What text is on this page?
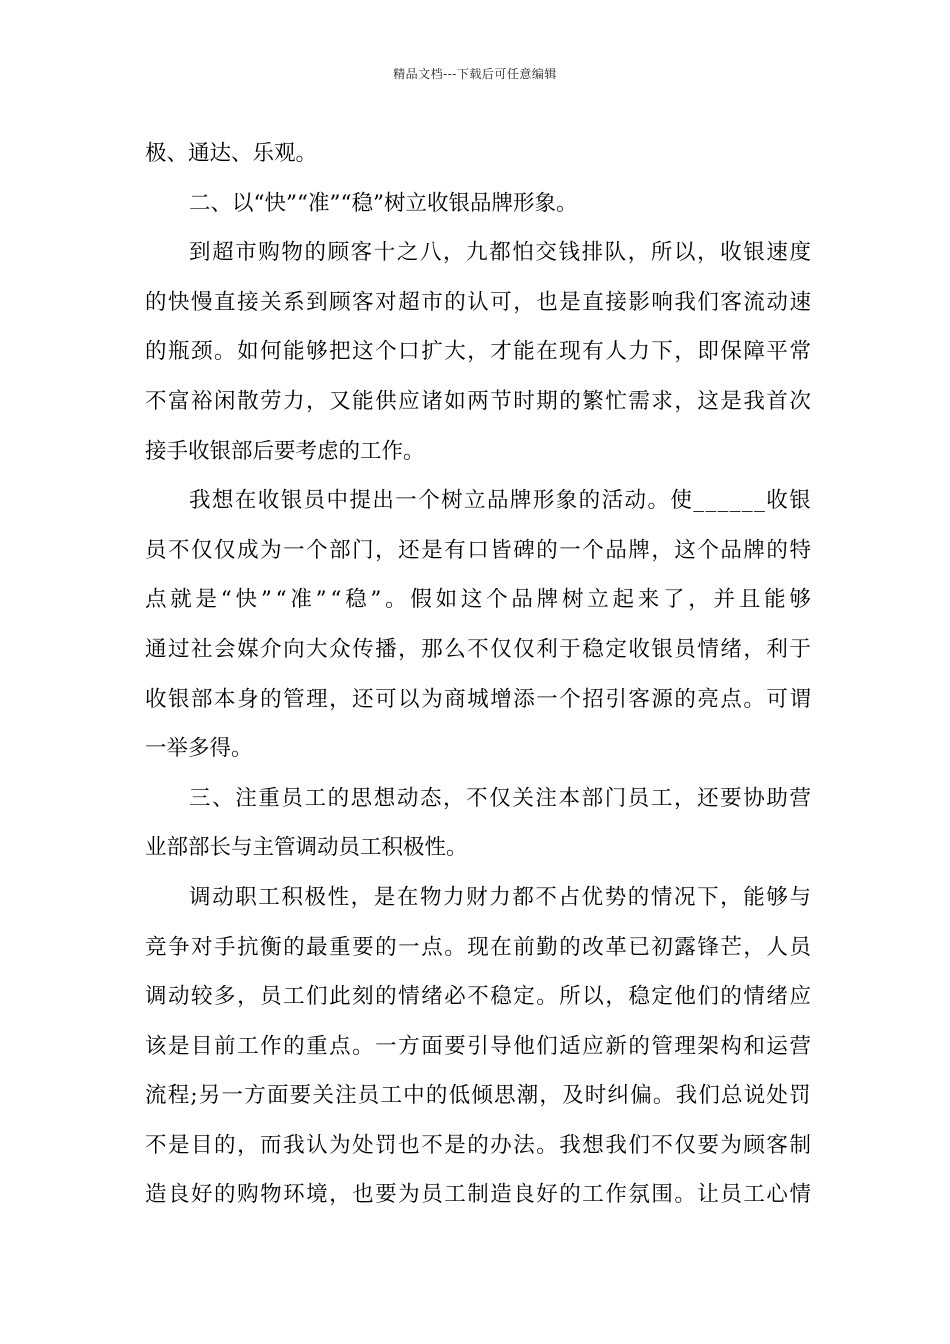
精品文档---下载后可任意编辑
极、通达、乐观。
二、以“快”“准”“稳”树立收银品牌形象。
到 超 市 购 物 的 顾 客 十 之 八 ， 九 都 怕 交 钱 排 队 ， 所 以 ， 收 银 速 度
的 快 慢 直 接 关 系 到 顾 客 对 超 市 的 认 可 ， 也 是 直 接 影 响 我 们 客 流 动 速
的 瓶 颈 。 如 何 能 够 把 这 个 口 扩 大 ， 才 能 在 现 有 人 力 下 ， 即 保 障 平 常
不 富 裕 闲 散 劳 力 ， 又 能 供 应 诸 如 两 节 时 期 的 繁 忙 需 求 ， 这 是 我 首 次
接手收银部后要考虑的工作。
我 想 在 收 银 员 中 提 出 一 个 树 立 品 牌 形 象 的 活 动 。 使 _ _ _ _ _ _ 收 银
员 不 仅 仅 成 为 一 个 部 门 ， 还 是 有 口 皆 碑 的 一 个 品 牌 ， 这 个 品 牌 的 特
点 就 是 “ 快 ” “ 准 ” “ 稳 ” 。 假 如 这 个 品 牌 树 立 起 来 了 ， 并 且 能 够
通 过 社 会 媒 介 向 大 众 传 播 ， 那 么 不 仅 仅 利 于 稳 定 收 银 员 情 绪 ， 利 于
收 银 部 本 身 的 管 理 ， 还 可 以 为 商 城 增 添 一 个 招 引 客 源 的 亮 点 。 可 谓
一举多得。
三 、 注 重 员 工 的 思 想 动 态 ， 不 仅 关 注 本 部 门 员 工 ， 还 要 协 助 营
业部部长与主管调动员工积极性。
调 动 职 工 积 极 性 ， 是 在 物 力 财 力 都 不 占 优 势 的 情 况 下 ， 能 够 与
竞 争 对 手 抗 衡 的 最 重 要 的 一 点 。 现 在 前 勤 的 改 革 已 初 露 锋 芒 ， 人 员
调 动 较 多 ， 员 工 们 此 刻 的 情 绪 必 不 稳 定 。 所 以 ， 稳 定 他 们 的 情 绪 应
该 是 目 前 工 作 的 重 点 。 一 方 面 要 引 导 他 们 适 应 新 的 管 理 架 构 和 运 营
流 程 ; 另 一 方 面 要 关 注 员 工 中 的 低 倾 思 潮 ， 及 时 纠 偏 。 我 们 总 说 处 罚
不 是 目 的 ， 而 我 认 为 处 罚 也 不 是 的 办 法 。 我 想 我 们 不 仅 要 为 顾 客 制
造 良 好 的 购 物 环 境 ， 也 要 为 员 工 制 造 良 好 的 工 作 氛 围 。 让 员 工 心 情
